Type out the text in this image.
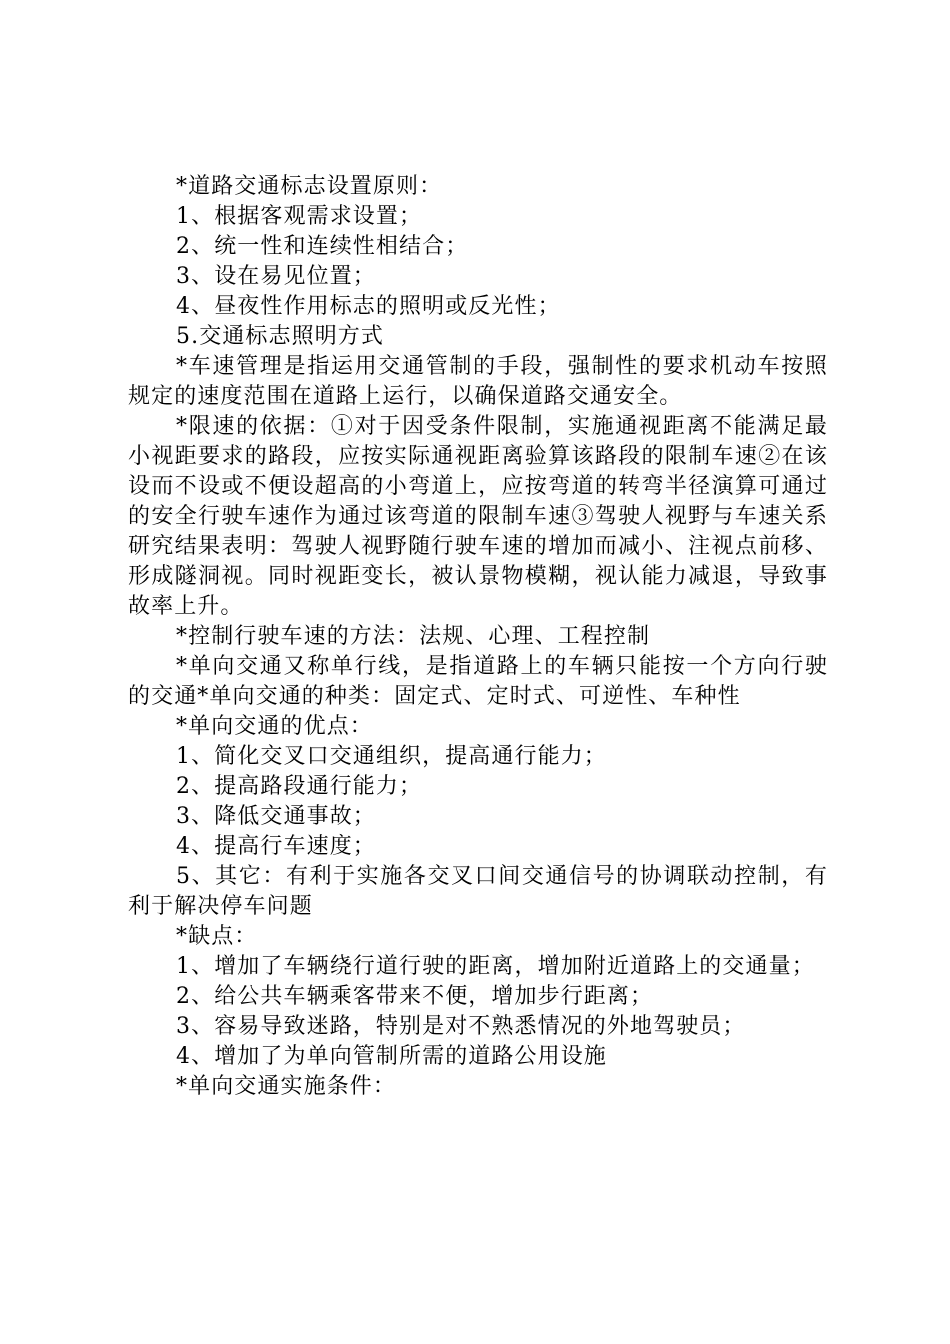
*道路交通标志设置原则：

1、根据客观需求设置；

2、统一性和连续性相结合；

3、设在易见位置；

4、昼夜性作用标志的照明或反光性；

5.交通标志照明方式

*车速管理是指运用交通管制的手段，强制性的要求机动车按照规定的速度范围在道路上运行，以确保道路交通安全。

*限速的依据：①对于因受条件限制，实施通视距离不能满足最小视距要求的路段，应按实际通视距离验算该路段的限制车速②在该设而不设或不便设超高的小弯道上，应按弯道的转弯半径演算可通过的安全行驶车速作为通过该弯道的限制车速③驾驶人视野与车速关系研究结果表明：驾驶人视野随行驶车速的增加而减小、注视点前移、形成隧洞视。同时视距变长，被认景物模糊，视认能力减退，导致事故率上升。

*控制行驶车速的方法：法规、心理、工程控制

*单向交通又称单行线，是指道路上的车辆只能按一个方向行驶的交通*单向交通的种类：固定式、定时式、可逆性、车种性

*单向交通的优点：

1、简化交叉口交通组织，提高通行能力；

2、提高路段通行能力；

3、降低交通事故；

4、提高行车速度；

5、其它：有利于实施各交叉口间交通信号的协调联动控制，有利于解决停车问题

*缺点：

1、增加了车辆绕行道行驶的距离，增加附近道路上的交通量；

2、给公共车辆乘客带来不便，增加步行距离；

3、容易导致迷路，特别是对不熟悉情况的外地驾驶员；

4、增加了为单向管制所需的道路公用设施

*单向交通实施条件：
